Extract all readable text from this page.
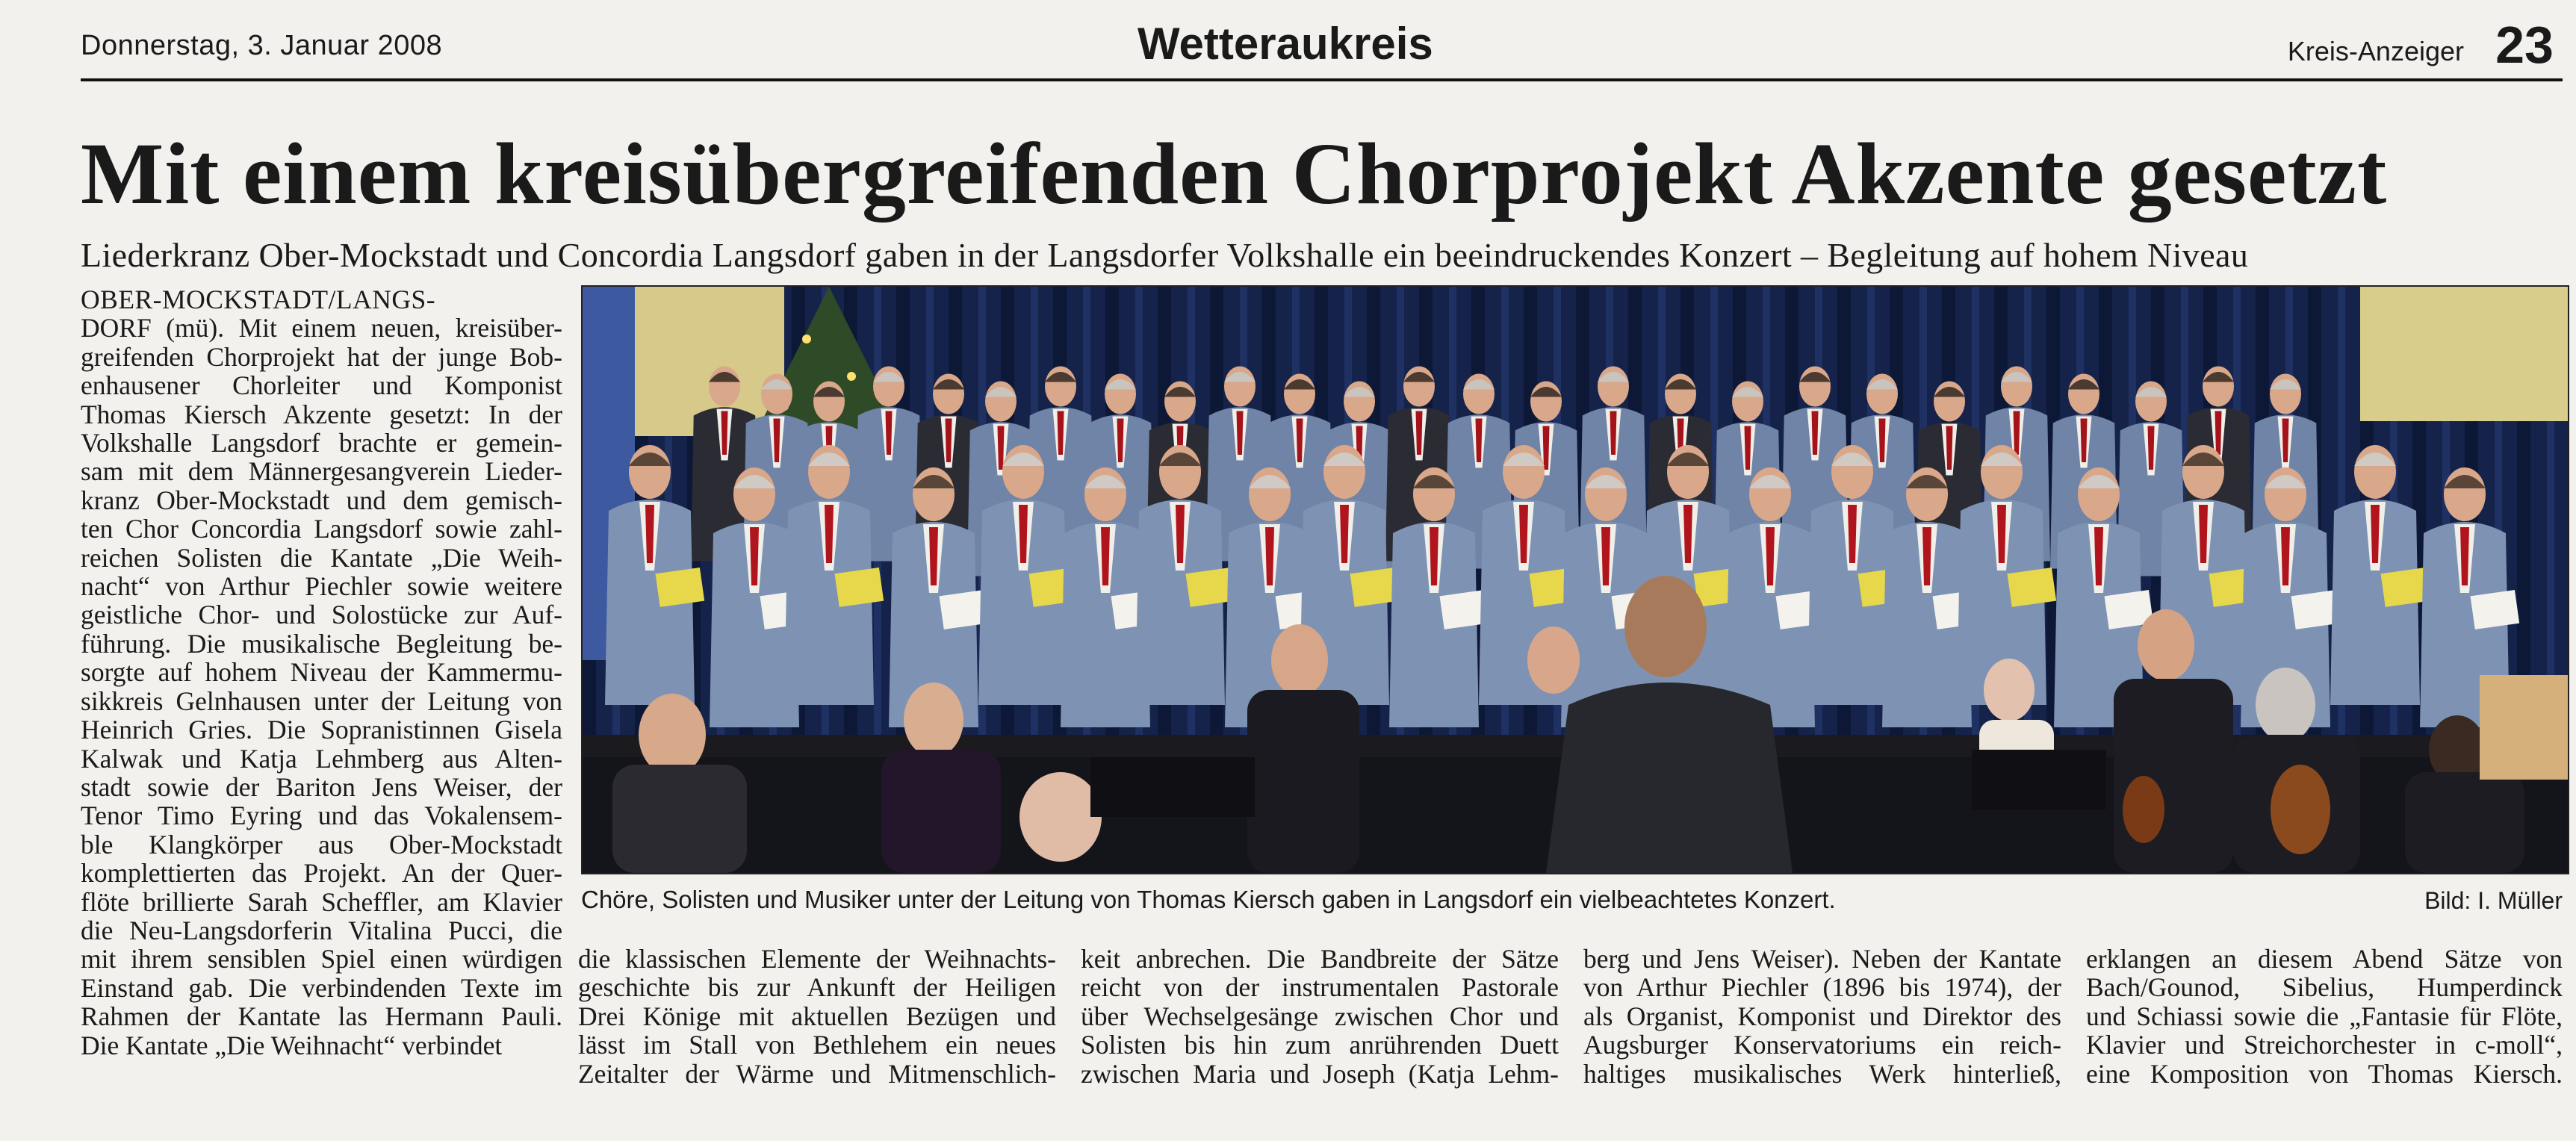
Donnerstag, 3. Januar 2008	Wetteraukreis	Kreis-Anzeiger 23
Mit einem kreisübergreifenden Chorprojekt Akzente gesetzt
Liederkranz Ober-Mockstadt und Concordia Langsdorf gaben in der Langsdorfer Volkshalle ein beeindruckendes Konzert – Begleitung auf hohem Niveau
OBER-MOCKSTADT/LANGS-
DORF (mü). Mit einem neuen, kreisüber-
greifenden Chorprojekt hat der junge Bob-
enhausener Chorleiter und Komponist
Thomas Kiersch Akzente gesetzt: In der
Volkshalle Langsdorf brachte er gemein-
sam mit dem Männergesangverein Lieder-
kranz Ober-Mockstadt und dem gemisch-
ten Chor Concordia Langsdorf sowie zahl-
reichen Solisten die Kantate „Die Weih-
nacht“ von Arthur Piechler sowie weitere
geistliche Chor- und Solostücke zur Auf-
führung. Die musikalische Begleitung be-
sorgte auf hohem Niveau der Kammermu-
sikkreis Gelnhausen unter der Leitung von
Heinrich Gries. Die Sopranistinnen Gisela
Kalwak und Katja Lehmberg aus Alten-
stadt sowie der Bariton Jens Weiser, der
Tenor Timo Eyring und das Vokalensem-
ble Klangkörper aus Ober-Mockstadt
komplettierten das Projekt. An der Quer-
flöte brillierte Sarah Scheffler, am Klavier
die Neu-Langsdorferin Vitalina Pucci, die
mit ihrem sensiblen Spiel einen würdigen
Einstand gab. Die verbindenden Texte im
Rahmen der Kantate las Hermann Pauli.
Die Kantate „Die Weihnacht“ verbindet
Chöre, Solisten und Musiker unter der Leitung von Thomas Kiersch gaben in Langsdorf ein vielbeachtetes Konzert.	Bild: I. Müller
die klassischen Elemente der Weihnachts-
geschichte bis zur Ankunft der Heiligen
Drei Könige mit aktuellen Bezügen und
lässt im Stall von Bethlehem ein neues
Zeitalter der Wärme und Mitmenschlich-
keit anbrechen. Die Bandbreite der Sätze
reicht von der instrumentalen Pastorale
über Wechselgesänge zwischen Chor und
Solisten bis hin zum anrührenden Duett
zwischen Maria und Joseph (Katja Lehm-
berg und Jens Weiser). Neben der Kantate
von Arthur Piechler (1896 bis 1974), der
als Organist, Komponist und Direktor des
Augsburger Konservatoriums ein reich-
haltiges musikalisches Werk hinterließ,
erklangen an diesem Abend Sätze von
Bach/Gounod, Sibelius, Humperdinck
und Schiassi sowie die „Fantasie für Flöte,
Klavier und Streichorchester in c-moll“,
eine Komposition von Thomas Kiersch.
